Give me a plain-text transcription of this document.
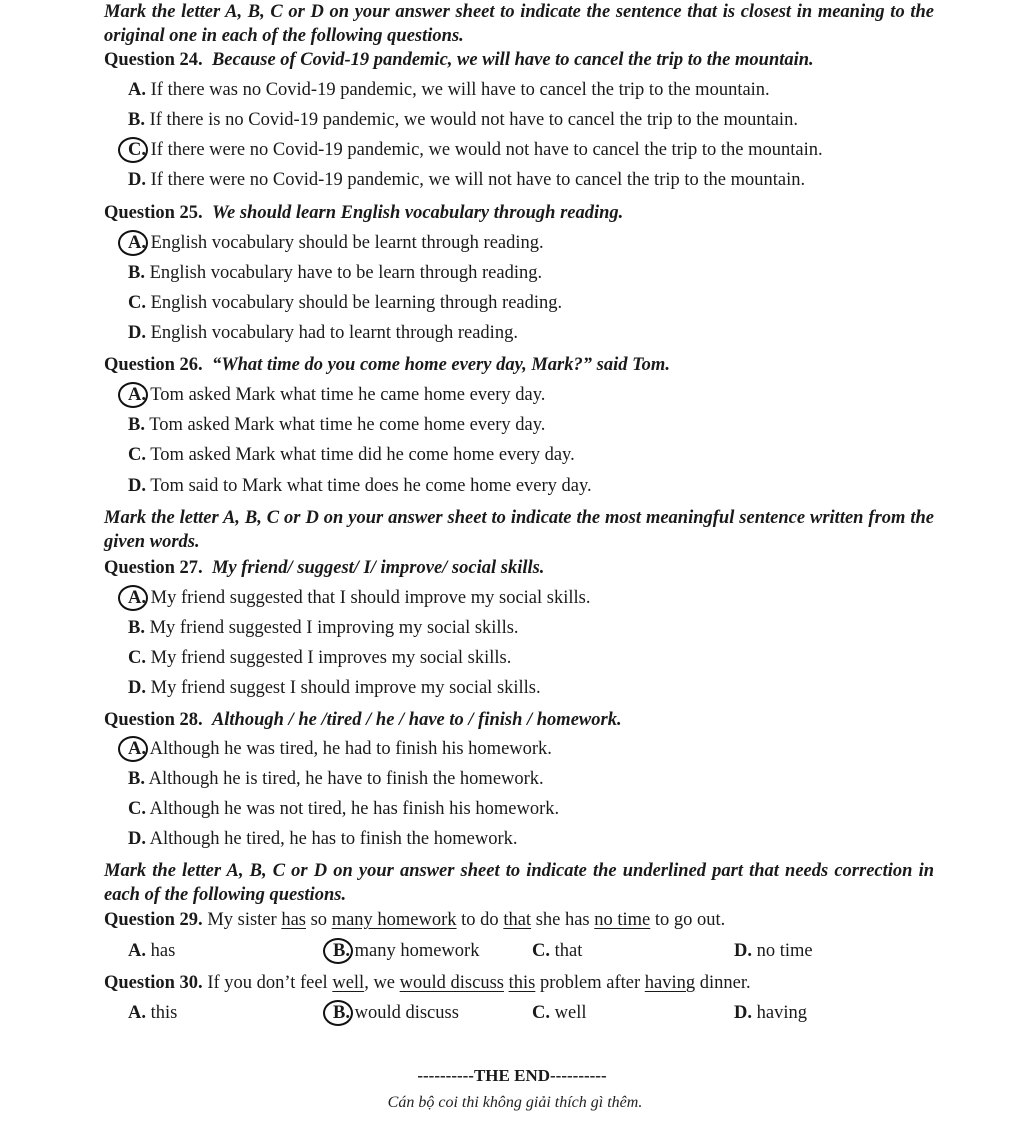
Mark the letter A, B, C or D on your answer sheet to indicate the sentence that is closest in meaning to the original one in each of the following questions.
Question 24. Because of Covid-19 pandemic, we will have to cancel the trip to the mountain.
A. If there was no Covid-19 pandemic, we will have to cancel the trip to the mountain.
B. If there is no Covid-19 pandemic, we would not have to cancel the trip to the mountain.
C. If there were no Covid-19 pandemic, we would not have to cancel the trip to the mountain.
D. If there were no Covid-19 pandemic, we will not have to cancel the trip to the mountain.
Question 25. We should learn English vocabulary through reading.
A. English vocabulary should be learnt through reading.
B. English vocabulary have to be learn through reading.
C. English vocabulary should be learning through reading.
D. English vocabulary had to learnt through reading.
Question 26. “What time do you come home every day, Mark?” said Tom.
A. Tom asked Mark what time he came home every day.
B. Tom asked Mark what time he come home every day.
C. Tom asked Mark what time did he come home every day.
D. Tom said to Mark what time does he come home every day.
Mark the letter A, B, C or D on your answer sheet to indicate the most meaningful sentence written from the given words.
Question 27. My friend/ suggest/ I/ improve/ social skills.
A. My friend suggested that I should improve my social skills.
B. My friend suggested I improving my social skills.
C. My friend suggested I improves my social skills.
D. My friend suggest I should improve my social skills.
Question 28. Although / he /tired / he / have to / finish / homework.
A. Although he was tired, he had to finish his homework.
B. Although he is tired, he have to finish the homework.
C. Although he was not tired, he has finish his homework.
D. Although he tired, he has to finish the homework.
Mark the letter A, B, C or D on your answer sheet to indicate the underlined part that needs correction in each of the following questions.
Question 29. My sister has so many homework to do that she has no time to go out.
A. has	B. many homework	C. that	D. no time
Question 30. If you don’t feel well, we would discuss this problem after having dinner.
A. this	B. would discuss	C. well	D. having
----------THE END----------
Cán bộ coi thi không giải thích gì thêm.
